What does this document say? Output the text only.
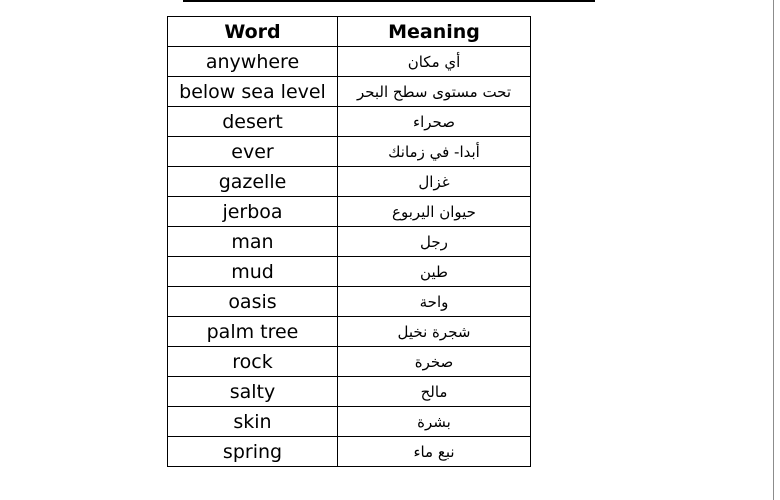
Word	Meaning
anywhere	أي مكان
below sea level	تحت مستوى سطح البحر
desert	صحراء
ever	أبدا- في زمانك
gazelle	غزال
jerboa	حيوان اليربوع
man	رجل
mud	طين
oasis	واحة
palm tree	شجرة نخيل
rock	صخرة
salty	مالح
skin	بشرة
spring	نبع ماء
